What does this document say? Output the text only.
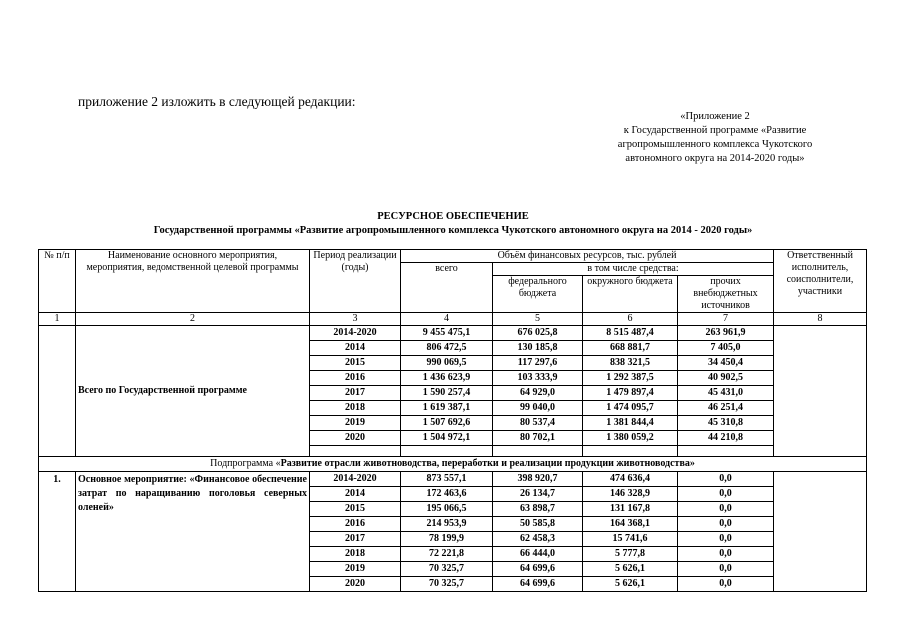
приложение 2 изложить в следующей редакции:
«Приложение 2
к Государственной программе «Развитие
агропромышленного комплекса Чукотского
автономного округа на 2014-2020 годы»
РЕСУРСНОЕ ОБЕСПЕЧЕНИЕ
Государственной программы «Развитие агропромышленного комплекса Чукотского автономного округа на 2014 - 2020 годы»
№ п/п	Наименование основного мероприятия, мероприятия, ведомственной целевой программы	Период реализации (годы)	Объём финансовых ресурсов, тыс. рублей				Ответственный исполнитель, соисполнители, участники
			всего	в том числе средства:			
				федерального бюджета	окружного бюджета	прочих внебюджетных источников	
1	2	3	4	5	6	7	8
	Всего по Государственной программе	2014-2020	9 455 475,1	676 025,8	8 515 487,4	263 961,9	
		2014	806 472,5	130 185,8	668 881,7	7 405,0	
		2015	990 069,5	117 297,6	838 321,5	34 450,4	
		2016	1 436 623,9	103 333,9	1 292 387,5	40 902,5	
		2017	1 590 257,4	64 929,0	1 479 897,4	45 431,0	
		2018	1 619 387,1	99 040,0	1 474 095,7	46 251,4	
		2019	1 507 692,6	80 537,4	1 381 844,4	45 310,8	
		2020	1 504 972,1	80 702,1	1 380 059,2	44 210,8	

Подпрограмма «Развитие отрасли животноводства, переработки и реализации продукции животноводства»							
1.	Основное мероприятие: «Финансовое обеспечение затрат по наращиванию поголовья северных оленей»	2014-2020	873 557,1	398 920,7	474 636,4	0,0	
		2014	172 463,6	26 134,7	146 328,9	0,0	
		2015	195 066,5	63 898,7	131 167,8	0,0	
		2016	214 953,9	50 585,8	164 368,1	0,0	
		2017	78 199,9	62 458,3	15 741,6	0,0	
		2018	72 221,8	66 444,0	5 777,8	0,0	
		2019	70 325,7	64 699,6	5 626,1	0,0	
		2020	70 325,7	64 699,6	5 626,1	0,0	
